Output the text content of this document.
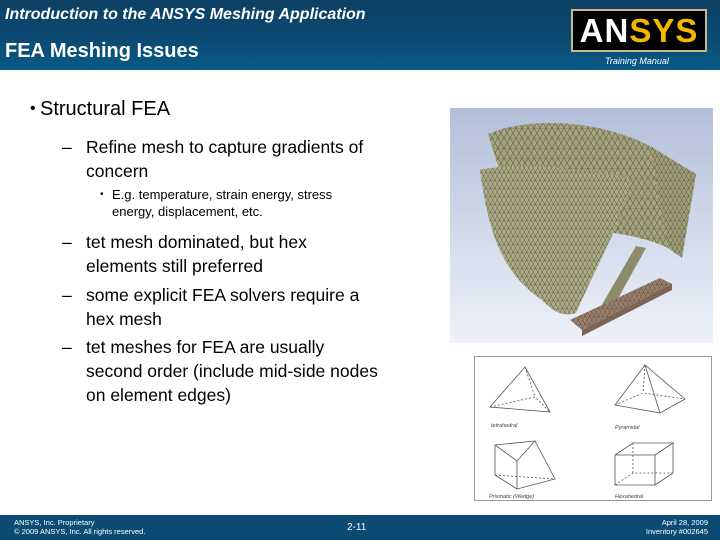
Introduction to the ANSYS Meshing Application
FEA Meshing Issues
ANSYS
Training Manual
• Structural FEA
– Refine mesh to capture gradients of
concern
• E.g. temperature, strain energy, stress
energy, displacement, etc.
– tet mesh dominated, but hex
elements still preferred
– some explicit FEA solvers require a
hex mesh
– tet meshes for FEA are usually
second order (include mid-side nodes
on element edges)
tetrahedral	Pyramidal
Prismatic (Wedge)	Hexahedral
ANSYS, Inc. Proprietary
© 2009 ANSYS, Inc. All rights reserved.	2-11	April 28, 2009
Inventory #002645
